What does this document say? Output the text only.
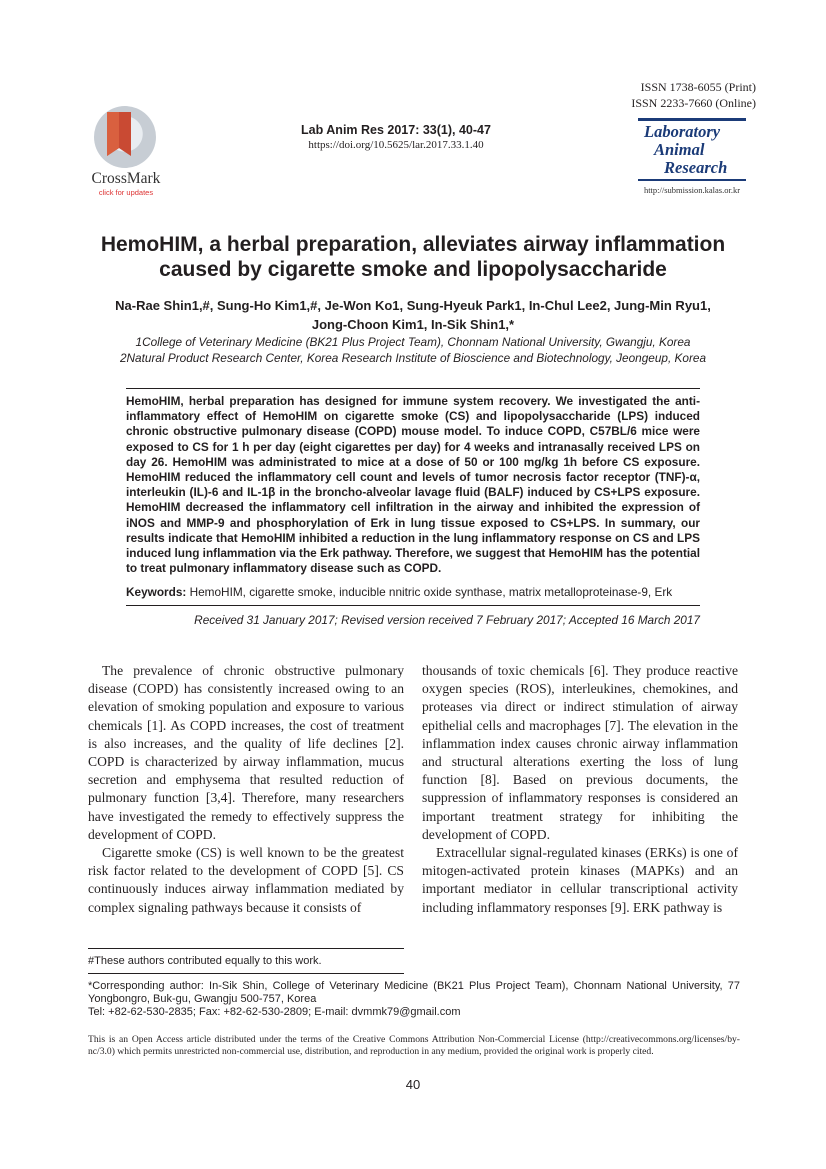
CrossMark
click for updates
Lab Anim Res 2017: 33(1), 40-47
https://doi.org/10.5625/lar.2017.33.1.40
ISSN 1738-6055 (Print)
ISSN 2233-7660 (Online)
Laboratory
Animal
Research
http://submission.kalas.or.kr
HemoHIM, a herbal preparation, alleviates airway inflammation caused by cigarette smoke and lipopolysaccharide
Na-Rae Shin1,#, Sung-Ho Kim1,#, Je-Won Ko1, Sung-Hyeuk Park1, In-Chul Lee2, Jung-Min Ryu1, Jong-Choon Kim1, In-Sik Shin1,*
1College of Veterinary Medicine (BK21 Plus Project Team), Chonnam National University, Gwangju, Korea
2Natural Product Research Center, Korea Research Institute of Bioscience and Biotechnology, Jeongeup, Korea
HemoHIM, herbal preparation has designed for immune system recovery. We investigated the anti-inflammatory effect of HemoHIM on cigarette smoke (CS) and lipopolysaccharide (LPS) induced chronic obstructive pulmonary disease (COPD) mouse model. To induce COPD, C57BL/6 mice were exposed to CS for 1 h per day (eight cigarettes per day) for 4 weeks and intranasally received LPS on day 26. HemoHIM was administrated to mice at a dose of 50 or 100 mg/kg 1h before CS exposure. HemoHIM reduced the inflammatory cell count and levels of tumor necrosis factor receptor (TNF)-α, interleukin (IL)-6 and IL-1β in the broncho-alveolar lavage fluid (BALF) induced by CS+LPS exposure. HemoHIM decreased the inflammatory cell infiltration in the airway and inhibited the expression of iNOS and MMP-9 and phosphorylation of Erk in lung tissue exposed to CS+LPS. In summary, our results indicate that HemoHIM inhibited a reduction in the lung inflammatory response on CS and LPS induced lung inflammation via the Erk pathway. Therefore, we suggest that HemoHIM has the potential to treat pulmonary inflammatory disease such as COPD.
Keywords: HemoHIM, cigarette smoke, inducible nnitric oxide synthase, matrix metalloproteinase-9, Erk
Received 31 January 2017; Revised version received 7 February 2017; Accepted 16 March 2017

The prevalence of chronic obstructive pulmonary disease (COPD) has consistently increased owing to an elevation of smoking population and exposure to various chemicals [1]. As COPD increases, the cost of treatment is also increases, and the quality of life declines [2]. COPD is characterized by airway inflammation, mucus secretion and emphysema that resulted reduction of pulmonary function [3,4]. Therefore, many researchers have investigated the remedy to effectively suppress the development of COPD.

Cigarette smoke (CS) is well known to be the greatest risk factor related to the development of COPD [5]. CS continuously induces airway inflammation mediated by complex signaling pathways because it consists of

thousands of toxic chemicals [6]. They produce reactive oxygen species (ROS), interleukines, chemokines, and proteases via direct or indirect stimulation of airway epithelial cells and macrophages [7]. The elevation in the inflammation index causes chronic airway inflammation and structural alterations exerting the loss of lung function [8]. Based on previous documents, the suppression of inflammatory responses is considered an important treatment strategy for inhibiting the development of COPD.

Extracellular signal-regulated kinases (ERKs) is one of mitogen-activated protein kinases (MAPKs) and an important mediator in cellular transcriptional activity including inflammatory responses [9]. ERK pathway is

#These authors contributed equally to this work.
*Corresponding author: In-Sik Shin, College of Veterinary Medicine (BK21 Plus Project Team), Chonnam National University, 77 Yongbongro, Buk-gu, Gwangju 500-757, Korea
Tel: +82-62-530-2835; Fax: +82-62-530-2809; E-mail: dvmmk79@gmail.com
This is an Open Access article distributed under the terms of the Creative Commons Attribution Non-Commercial License (http://creativecommons.org/licenses/by-nc/3.0) which permits unrestricted non-commercial use, distribution, and reproduction in any medium, provided the original work is properly cited.
40
